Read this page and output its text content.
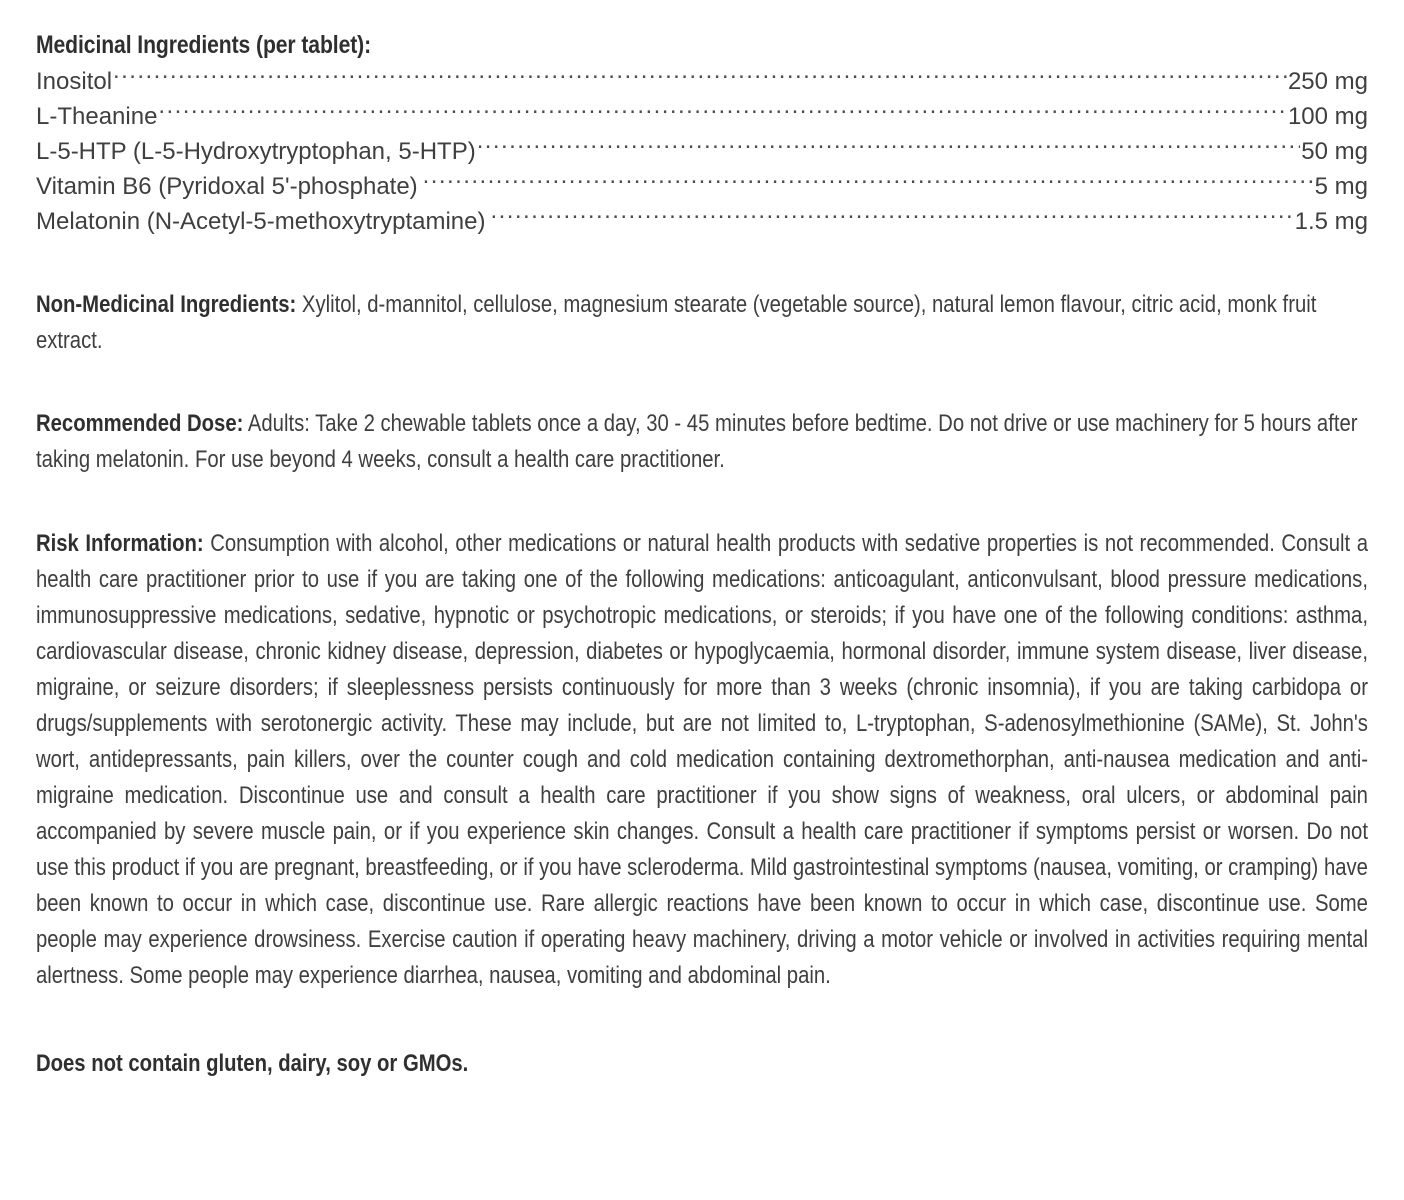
Medicinal Ingredients (per tablet):
Inositol .....	250 mg
L-Theanine .....	100 mg
L-5-HTP (L-5-Hydroxytryptophan, 5-HTP) .....	50 mg
Vitamin B6 (Pyridoxal 5'-phosphate) .....	5 mg
Melatonin (N-Acetyl-5-methoxytryptamine) .....	1.5 mg

Non-Medicinal Ingredients: Xylitol, d-mannitol, cellulose, magnesium stearate (vegetable source), natural lemon flavour, citric acid, monk fruit extract.

Recommended Dose: Adults: Take 2 chewable tablets once a day, 30 - 45 minutes before bedtime. Do not drive or use machinery for 5 hours after taking melatonin. For use beyond 4 weeks, consult a health care practitioner.

Risk Information: Consumption with alcohol, other medications or natural health products with sedative properties is not recommended. Consult a health care practitioner prior to use if you are taking one of the following medications: anticoagulant, anticonvulsant, blood pressure medications, immunosuppressive medications, sedative, hypnotic or psychotropic medications, or steroids; if you have one of the following conditions: asthma, cardiovascular disease, chronic kidney disease, depression, diabetes or hypoglycaemia, hormonal disorder, immune system disease, liver disease, migraine, or seizure disorders; if sleeplessness persists continuously for more than 3 weeks (chronic insomnia), if you are taking carbidopa or drugs/supplements with serotonergic activity. These may include, but are not limited to, L-tryptophan, S-adenosylmethionine (SAMe), St. John's wort, antidepressants, pain killers, over the counter cough and cold medication containing dextromethorphan, anti-nausea medication and anti-migraine medication. Discontinue use and consult a health care practitioner if you show signs of weakness, oral ulcers, or abdominal pain accompanied by severe muscle pain, or if you experience skin changes. Consult a health care practitioner if symptoms persist or worsen. Do not use this product if you are pregnant, breastfeeding, or if you have scleroderma. Mild gastrointestinal symptoms (nausea, vomiting, or cramping) have been known to occur in which case, discontinue use. Rare allergic reactions have been known to occur in which case, discontinue use. Some people may experience drowsiness. Exercise caution if operating heavy machinery, driving a motor vehicle or involved in activities requiring mental alertness. Some people may experience diarrhea, nausea, vomiting and abdominal pain.

Does not contain gluten, dairy, soy or GMOs.
